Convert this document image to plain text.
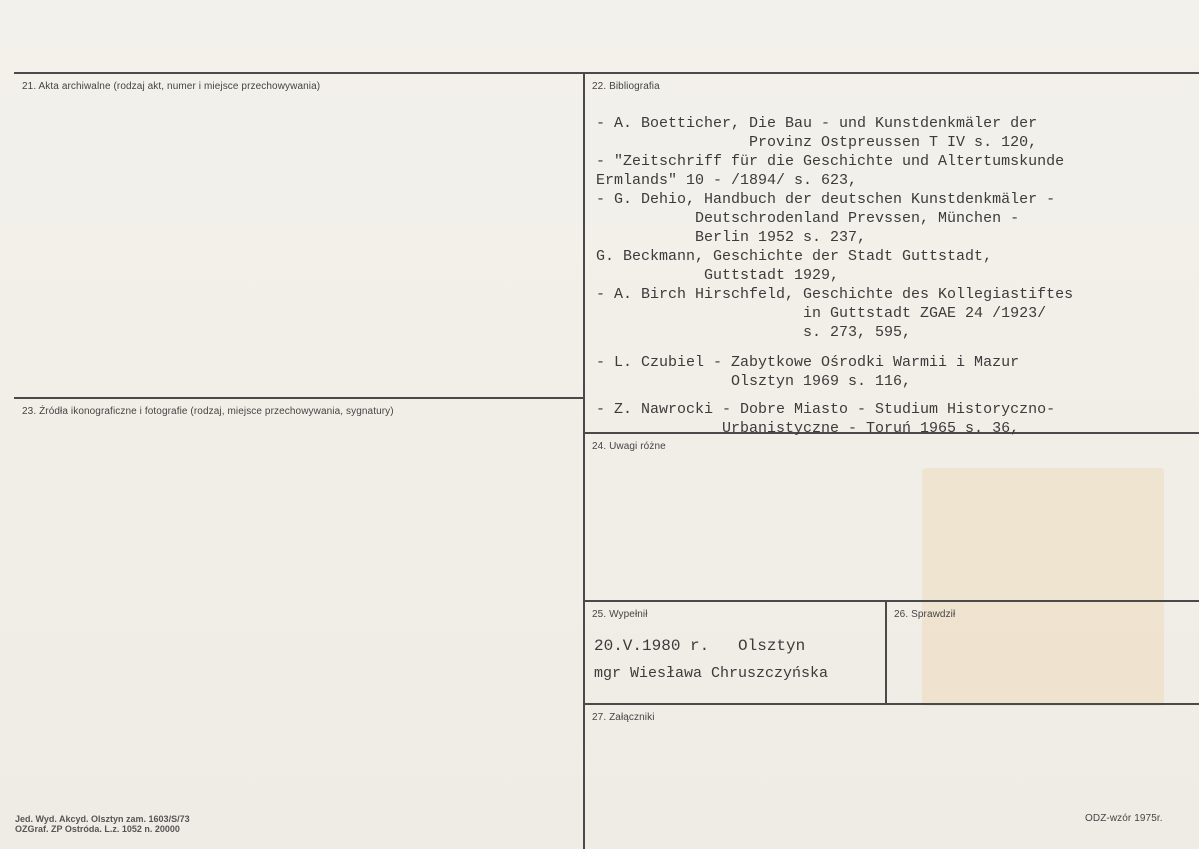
21. Akta archiwalne (rodzaj akt, numer i miejsce przechowywania)	22. Bibliografia
23. Źródła ikonograficzne i fotografie (rodzaj, miejsce przechowywania, sygnatury)
24. Uwagi różne
25. Wypełnił	26. Sprawdził
27. Załączniki
- A. Boetticher, Die Bau - und Kunstdenkmäler der
Provinz Ostpreussen T IV s. 120,
- "Zeitschriff für die Geschichte und Altertumskunde
Ermlands" 10 - /1894/ s. 623,
- G. Dehio, Handbuch der deutschen Kunstdenkmäler -
Deutschrodenland Prevssen, München -
Berlin 1952 s. 237,
G. Beckmann, Geschichte der Stadt Guttstadt,
Guttstadt 1929,
- A. Birch Hirschfeld, Geschichte des Kollegiastiftes
in Guttstadt ZGAE 24 /1923/
s. 273, 595,
- L. Czubiel - Zabytkowe Ośrodki Warmii i Mazur
Olsztyn 1969 s. 116,
- Z. Nawrocki - Dobre Miasto - Studium Historyczno-
Urbanistyczne - Toruń 1965 s. 36,
20.V.1980 r.   Olsztyn
mgr Wiesława Chruszczyńska
Jed. Wyd. Akcyd. Olsztyn zam. 1603/S/73
OZGraf. ZP Ostróda. L.z. 1052 n. 20000
ODZ-wzór 1975r.
